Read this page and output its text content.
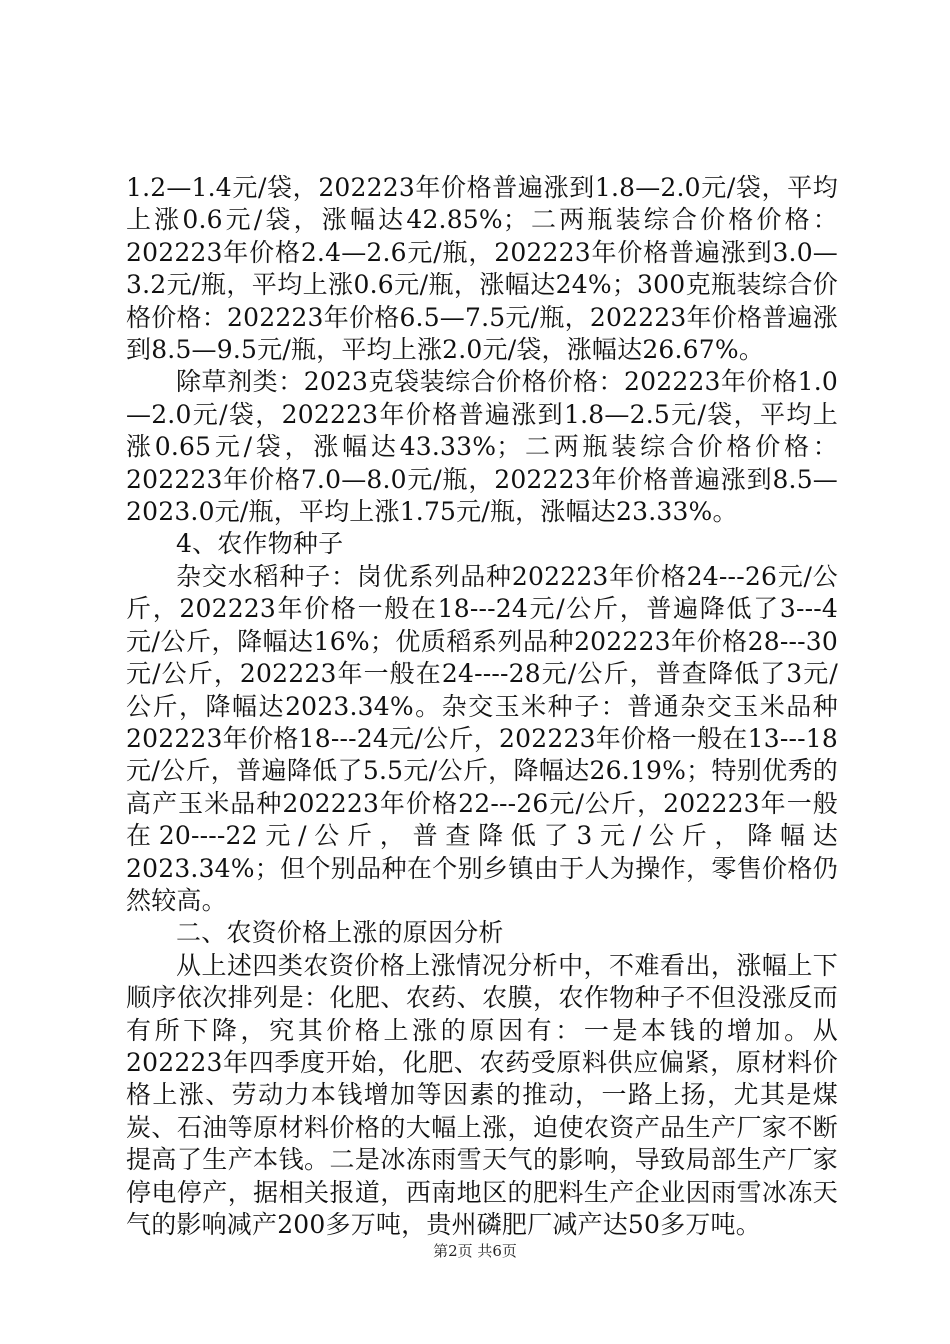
1.2—1.4元/袋，202223年价格普遍涨到1.8—2.0元/袋，平均上涨0.6元/袋，涨幅达42.85%；二两瓶装综合价格价格：202223年价格2.4—2.6元/瓶，202223年价格普遍涨到3.0—3.2元/瓶，平均上涨0.6元/瓶，涨幅达24%；300克瓶装综合价格价格：202223年价格6.5—7.5元/瓶，202223年价格普遍涨到8.5—9.5元/瓶，平均上涨2.0元/袋，涨幅达26.67%。

除草剂类：2023克袋装综合价格价格：202223年价格1.0—2.0元/袋，202223年价格普遍涨到1.8—2.5元/袋，平均上涨0.65元/袋，涨幅达43.33%；二两瓶装综合价格价格：202223年价格7.0—8.0元/瓶，202223年价格普遍涨到8.5—2023.0元/瓶，平均上涨1.75元/瓶，涨幅达23.33%。

4、农作物种子

杂交水稻种子：岗优系列品种202223年价格24---26元/公斤，202223年价格一般在18---24元/公斤，普遍降低了3---4元/公斤，降幅达16%；优质稻系列品种202223年价格28---30元/公斤，202223年一般在24----28元/公斤，普查降低了3元/公斤，降幅达2023.34%。杂交玉米种子：普通杂交玉米品种202223年价格18---24元/公斤，202223年价格一般在13---18元/公斤，普遍降低了5.5元/公斤，降幅达26.19%；特别优秀的高产玉米品种202223年价格22---26元/公斤，202223年一般在20----22元/公斤，普查降低了3元/公斤，降幅达2023.34%；但个别品种在个别乡镇由于人为操作，零售价格仍然较高。

二、农资价格上涨的原因分析

从上述四类农资价格上涨情况分析中，不难看出，涨幅上下顺序依次排列是：化肥、农药、农膜，农作物种子不但没涨反而有所下降，究其价格上涨的原因有：一是本钱的增加。从202223年四季度开始，化肥、农药受原料供应偏紧，原材料价格上涨、劳动力本钱增加等因素的推动，一路上扬，尤其是煤炭、石油等原材料价格的大幅上涨，迫使农资产品生产厂家不断提高了生产本钱。二是冰冻雨雪天气的影响，导致局部生产厂家停电停产，据相关报道，西南地区的肥料生产企业因雨雪冰冻天气的影响减产200多万吨，贵州磷肥厂减产达50多万吨。

第2页 共6页
